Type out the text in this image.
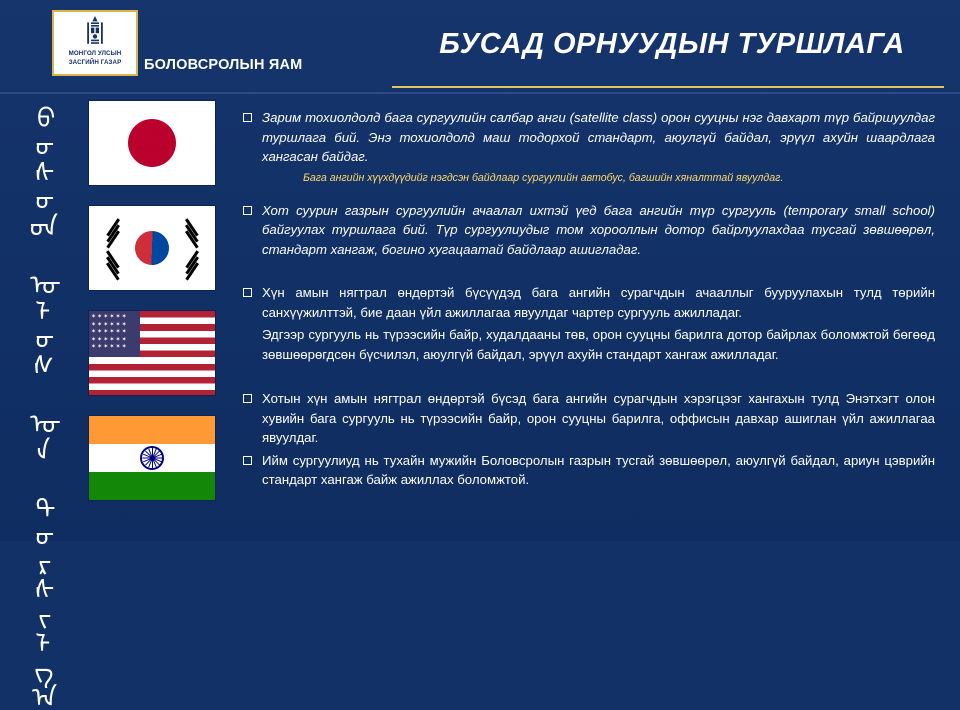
МОНГОЛ УЛСЫН
ЗАСГИЙН ГАЗАР БОЛОВСРОЛЫН ЯАМ
БУСАД ОРНУУДЫН ТУРШЛАГА
ᠪᠤᠰᠤᠳ ᠤᠯᠤᠰ ᠤᠨ ᠲᠤᠷᠰᠢᠯᠭ᠎ᠠ	✶✶✶✶✶✶
✶✶✶✶✶✶
✶✶✶✶✶✶
✶✶✶✶✶✶
✶✶✶✶✶✶
Зарим тохиолдолд бага сургуулийн салбар анги (satellite class) орон сууцны нэг давхарт түр байршуулдаг туршлага бий. Энэ тохиолдолд маш тодорхой стандарт, аюулгүй байдал, эрүүл ахуйн шаардлага хангасан байдаг.
Бага ангийн хүүхдүүдийг нэгдсэн байдлаар сургуулийн автобус, багшийн хяналттай явуулдаг.
Хот суурин газрын сургуулийн ачаалал ихтэй үед бага ангийн түр сургууль (temporary small school) байгуулах туршлага бий. Түр сургуулиудыг том хорооллын дотор байрлуулахдаа тусгай зөвшөөрөл, стандарт хангаж, богино хугацаатай байдлаар ашигладаг.
Хүн амын нягтрал өндөртэй бүсүүдэд бага ангийн сурагчдын ачааллыг бууруулахын тулд төрийн санхүүжилттэй, бие даан үйл ажиллагаа явуулдаг чартер сургууль ажилладаг.
Эдгээр сургууль нь түрээсийн байр, худалдааны төв, орон сууцны барилга дотор байрлах боломжтой бөгөөд зөвшөөрөгдсөн бүсчилэл, аюулгүй байдал, эрүүл ахуйн стандарт хангаж ажилладаг.
Хотын хүн амын нягтрал өндөртэй бүсэд бага ангийн сурагчдын хэрэгцээг хангахын тулд Энэтхэгт олон хувийн бага сургууль нь түрээсийн байр, орон сууцны барилга, оффисын давхар ашиглан үйл ажиллагаа явуулдаг.
Ийм сургуулиуд нь тухайн мужийн Боловсролын газрын тусгай зөвшөөрөл, аюулгүй байдал, ариун цэврийн стандарт хангаж байж ажиллах боломжтой.
